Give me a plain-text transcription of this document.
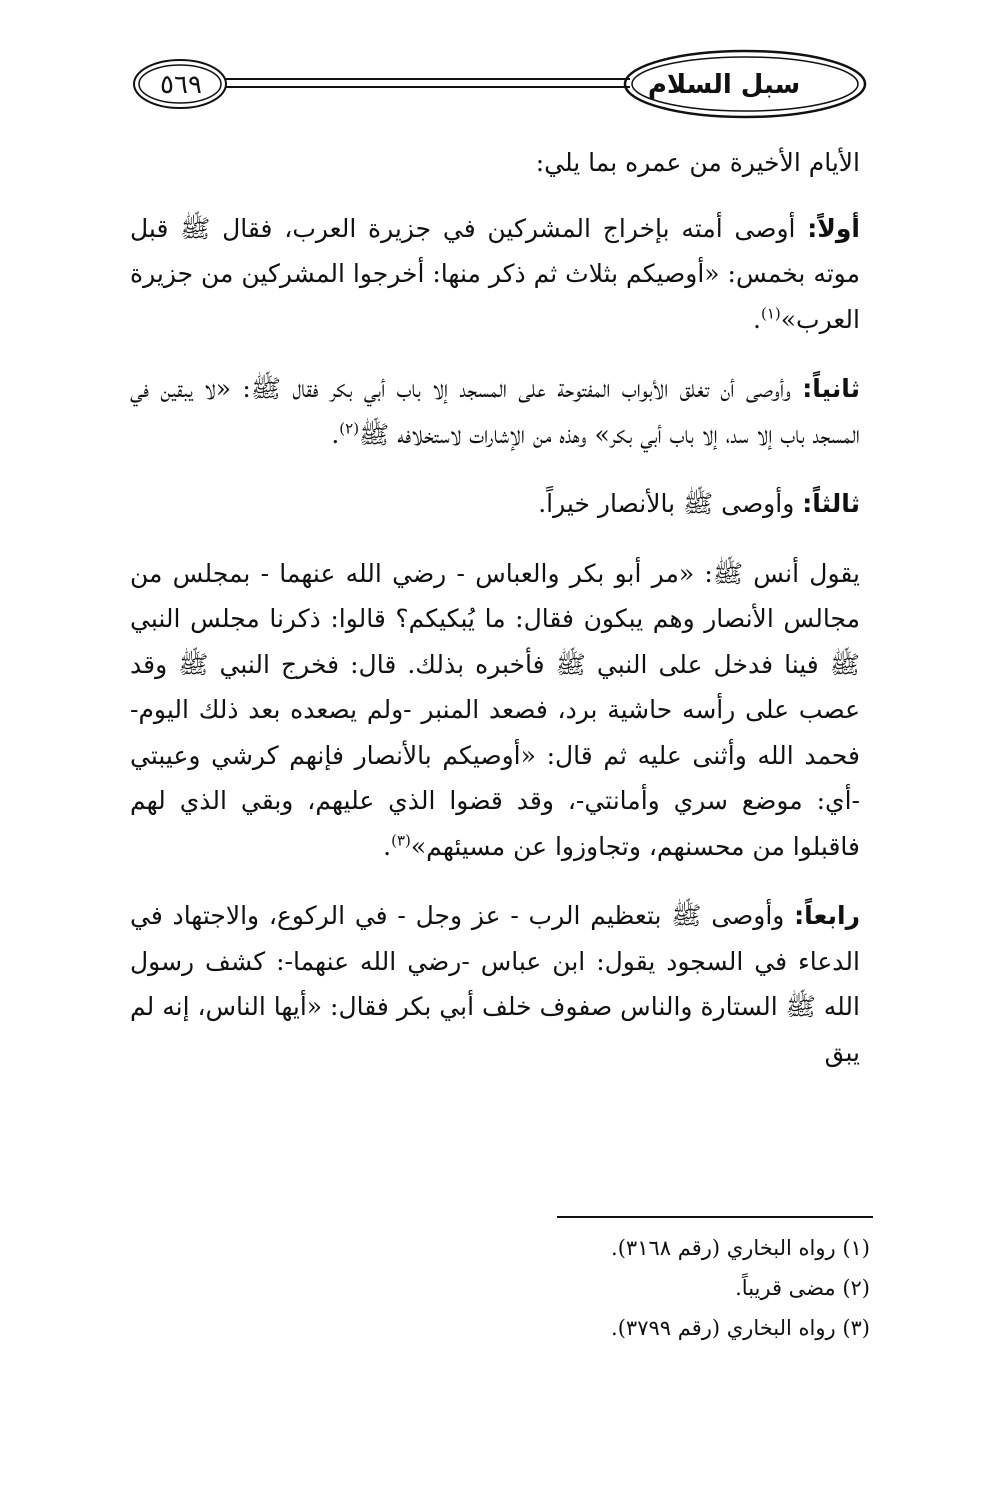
سبل السلام
٥٦٩

الأيام الأخيرة من عمره بما يلي:

أولاً: أوصى أمته بإخراج المشركين في جزيرة العرب، فقال ﷺ قبل موته بخمس: «أوصيكم بثلاث ثم ذكر منها: أخرجوا المشركين من جزيرة العرب»$^{(١)}$.

ثانياً: وأوصى أن تغلق الأبواب المفتوحة على المسجد إلا باب أبي بكر فقال ﷺ: «لا يبقين في المسجد باب إلا سد، إلا باب أبي بكر» وهذه من الإشارات لاستخلافه ﷺ$^{(٢)}$.

ثالثاً: وأوصى ﷺ بالأنصار خيراً.

يقول أنس ﷺ: «مر أبو بكر والعباس - رضي الله عنهما - بمجلس من مجالس الأنصار وهم يبكون فقال: ما يُبكيكم؟ قالوا: ذكرنا مجلس النبي ﷺ فينا فدخل على النبي ﷺ فأخبره بذلك. قال: فخرج النبي ﷺ وقد عصب على رأسه حاشية برد، فصعد المنبر -ولم يصعده بعد ذلك اليوم- فحمد الله وأثنى عليه ثم قال: «أوصيكم بالأنصار فإنهم كرشي وعيبتي -أي: موضع سري وأمانتي-، وقد قضوا الذي عليهم، وبقي الذي لهم فاقبلوا من محسنهم، وتجاوزوا عن مسيئهم»$^{(٣)}$.

رابعاً: وأوصى ﷺ بتعظيم الرب - عز وجل - في الركوع، والاجتهاد في الدعاء في السجود يقول: ابن عباس -رضي الله عنهما-: كشف رسول الله ﷺ الستارة والناس صفوف خلف أبي بكر فقال: «أيها الناس، إنه لم يبق

(١) رواه البخاري (رقم ٣١٦٨).
(٢) مضى قريباً.
(٣) رواه البخاري (رقم ٣٧٩٩).
